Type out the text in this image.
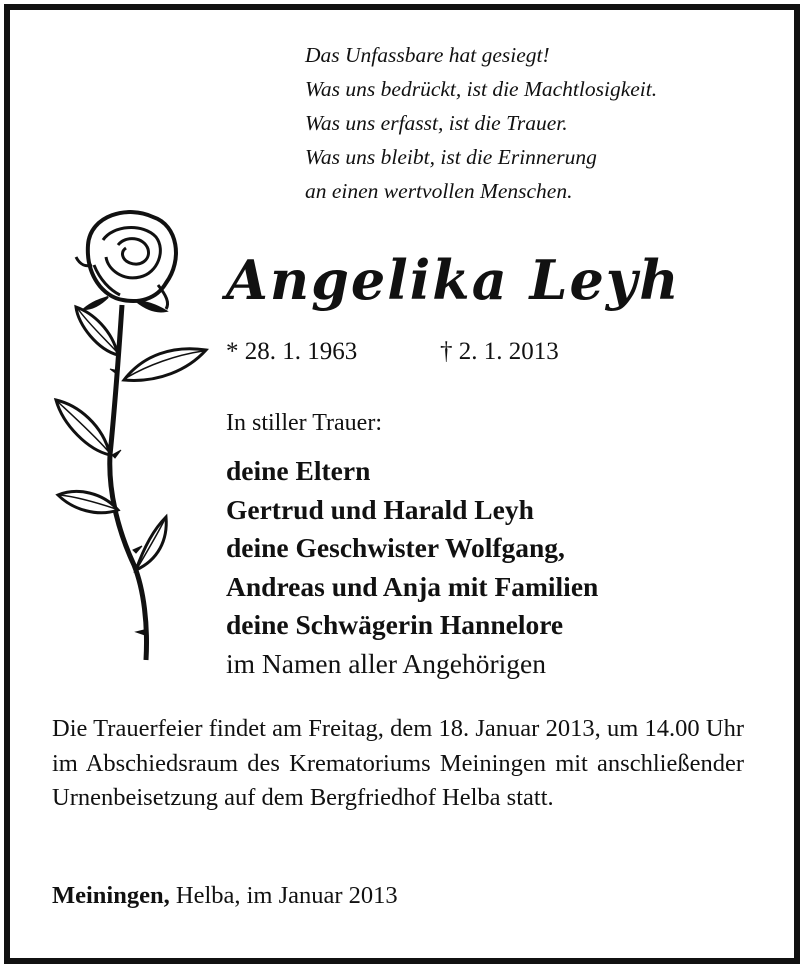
Das Unfassbare hat gesiegt!
Was uns bedrückt, ist die Machtlosigkeit.
Was uns erfasst, ist die Trauer.
Was uns bleibt, ist die Erinnerung
an einen wertvollen Menschen.
Angelika Leyh
* 28. 1. 1963	† 2. 1. 2013
In stiller Trauer:
deine Eltern
Gertrud und Harald Leyh
deine Geschwister Wolfgang,
Andreas und Anja mit Familien
deine Schwägerin Hannelore
im Namen aller Angehörigen
Die Trauerfeier findet am Freitag, dem 18. Januar 2013, um 14.00 Uhr im Abschiedsraum des Krematoriums Meiningen mit anschließender Urnenbeisetzung auf dem Bergfriedhof Helba statt.
Meiningen, Helba, im Januar 2013
